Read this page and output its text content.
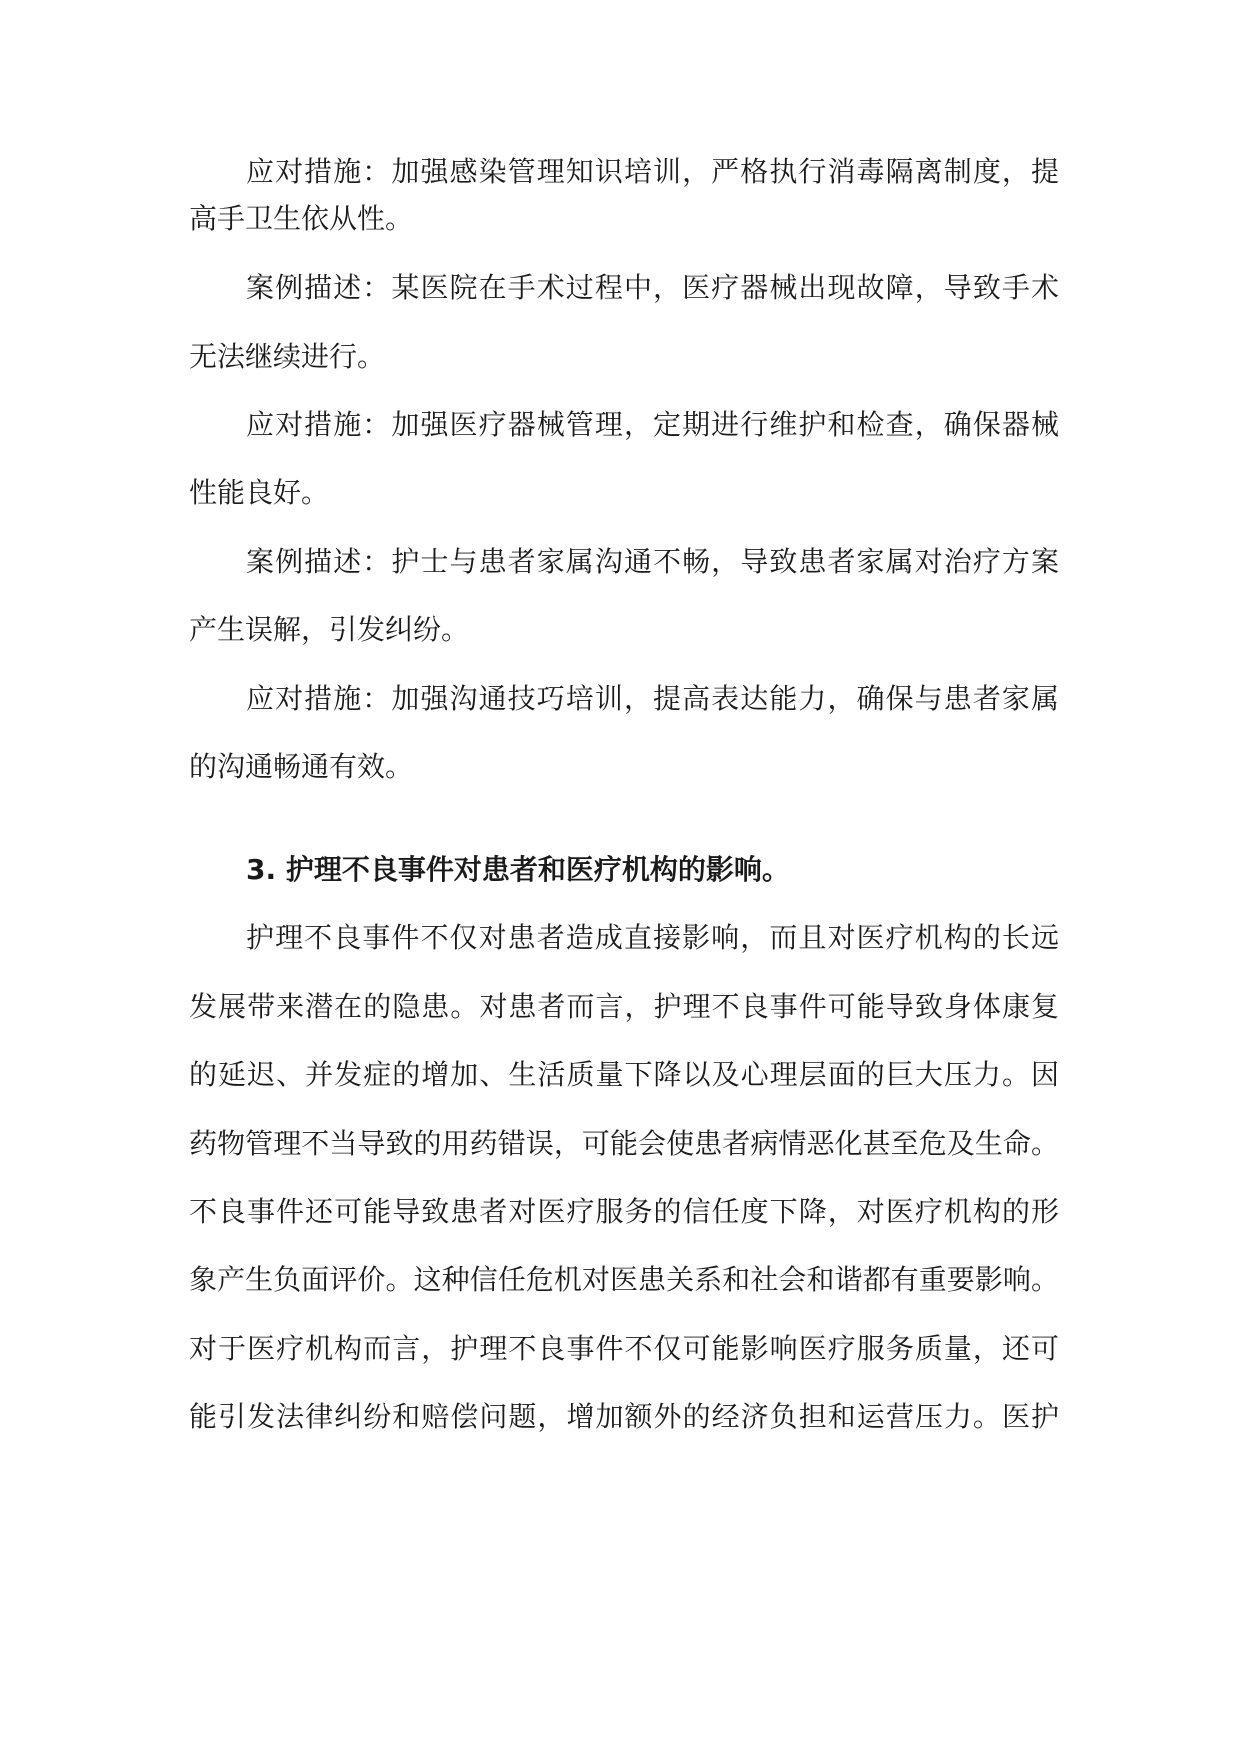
应对措施：加强感染管理知识培训，严格执行消毒隔离制度，提
高手卫生依从性。
案例描述：某医院在手术过程中，医疗器械出现故障，导致手术
无法继续进行。
应对措施：加强医疗器械管理，定期进行维护和检查，确保器械
性能良好。
案例描述：护士与患者家属沟通不畅，导致患者家属对治疗方案
产生误解，引发纠纷。
应对措施：加强沟通技巧培训，提高表达能力，确保与患者家属
的沟通畅通有效。
3. 护理不良事件对患者和医疗机构的影响。
护理不良事件不仅对患者造成直接影响，而且对医疗机构的长远
发展带来潜在的隐患。对患者而言，护理不良事件可能导致身体康复
的延迟、并发症的增加、生活质量下降以及心理层面的巨大压力。因
药物管理不当导致的用药错误，可能会使患者病情恶化甚至危及生命。
不良事件还可能导致患者对医疗服务的信任度下降，对医疗机构的形
象产生负面评价。这种信任危机对医患关系和社会和谐都有重要影响。
对于医疗机构而言，护理不良事件不仅可能影响医疗服务质量，还可
能引发法律纠纷和赔偿问题，增加额外的经济负担和运营压力。医护
